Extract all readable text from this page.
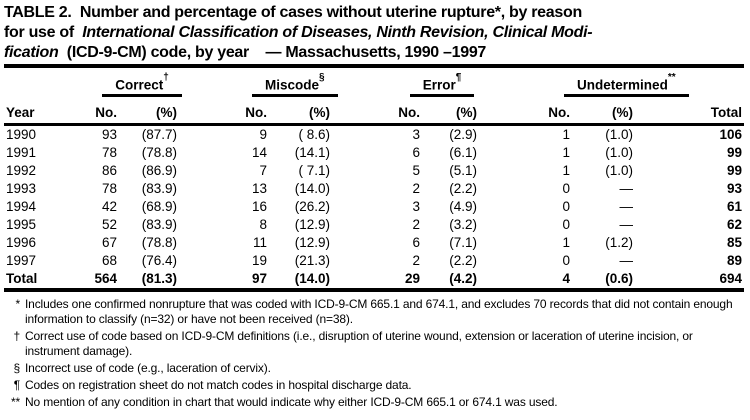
TABLE 2.  Number and percentage of cases without uterine rupture*, by reason
for use of  International Classification of Diseases, Ninth Revision, Clinical Modi-
fication  (ICD-9-CM) code, by year    — Massachusetts, 1990 –1997
	Correct†		Miscode§		Error¶		Undetermined**	
Year	No.	(%)	No.	(%)	No.	(%)	No.	(%)	Total
1990	93	(87.7)	9	( 8.6)	3	(2.9)	1	(1.0)	106
1991	78	(78.8)	14	(14.1)	6	(6.1)	1	(1.0)	99
1992	86	(86.9)	7	( 7.1)	5	(5.1)	1	(1.0)	99
1993	78	(83.9)	13	(14.0)	2	(2.2)	0	—	93
1994	42	(68.9)	16	(26.2)	3	(4.9)	0	—	61
1995	52	(83.9)	8	(12.9)	2	(3.2)	0	—	62
1996	67	(78.8)	11	(12.9)	6	(7.1)	1	(1.2)	85
1997	68	(76.4)	19	(21.3)	2	(2.2)	0	—	89
Total	564	(81.3)	97	(14.0)	29	(4.2)	4	(0.6)	694
* Includes one confirmed nonrupture that was coded with ICD-9-CM 665.1 and 674.1, and excludes 70 records that did not contain enough information to classify (n=32) or have not been received (n=38).
† Correct use of code based on ICD-9-CM definitions (i.e., disruption of uterine wound, extension or laceration of uterine incision, or instrument damage).
§ Incorrect use of code (e.g., laceration of cervix).
¶ Codes on registration sheet do not match codes in hospital discharge data.
** No mention of any condition in chart that would indicate why either ICD-9-CM 665.1 or 674.1 was used.
